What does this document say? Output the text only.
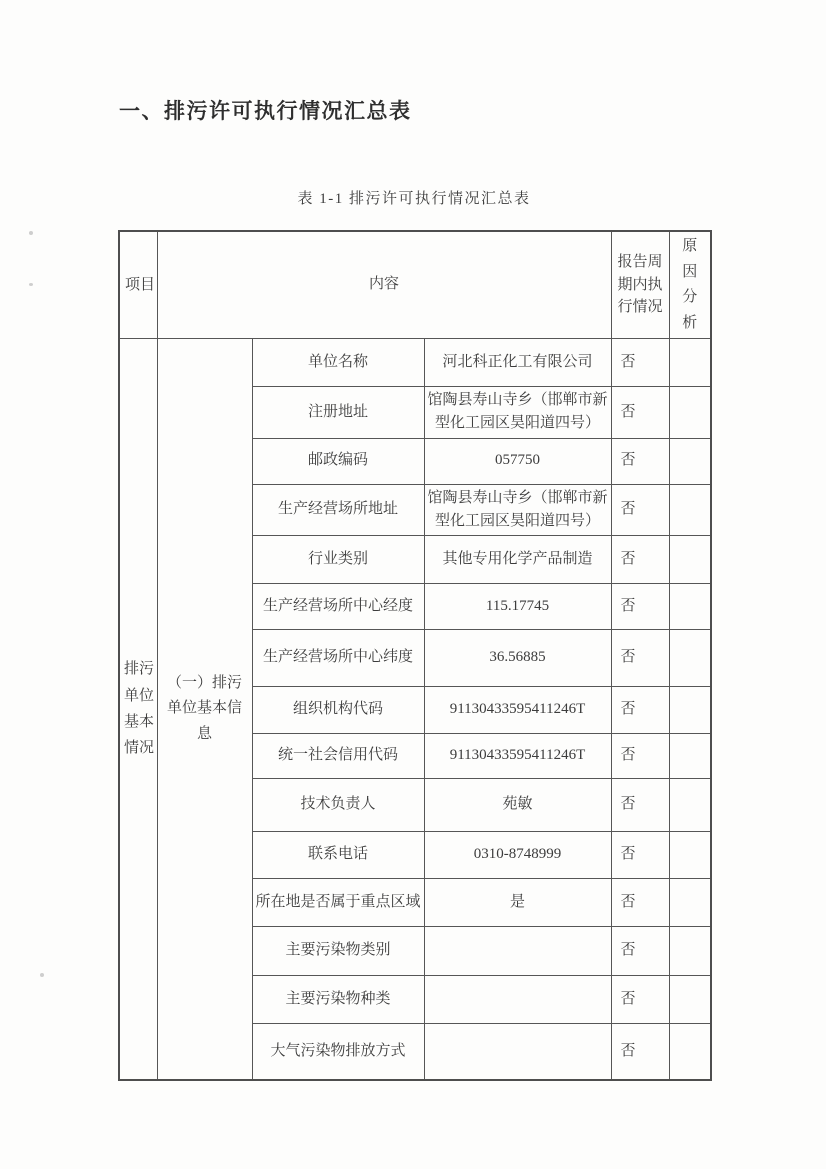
一、排污许可执行情况汇总表
表 1-1 排污许可执行情况汇总表
项目	内容			报告周期内执行情况	原因分析

排污单位基本情况	（一）排污单位基本信息	单位名称	河北科正化工有限公司	否	
		注册地址	馆陶县寿山寺乡（邯郸市新型化工园区昊阳道四号）	否	
		邮政编码	057750	否	
		生产经营场所地址	馆陶县寿山寺乡（邯郸市新型化工园区昊阳道四号）	否	
		行业类别	其他专用化学产品制造	否	
		生产经营场所中心经度	115.17745	否	
		生产经营场所中心纬度	36.56885	否	
		组织机构代码	91130433595411246T	否	
		统一社会信用代码	91130433595411246T	否	
		技术负责人	苑敏	否	
		联系电话	0310-8748999	否	
		所在地是否属于重点区域	是	否	
		主要污染物类别		否	
		主要污染物种类		否	
		大气污染物排放方式		否	
